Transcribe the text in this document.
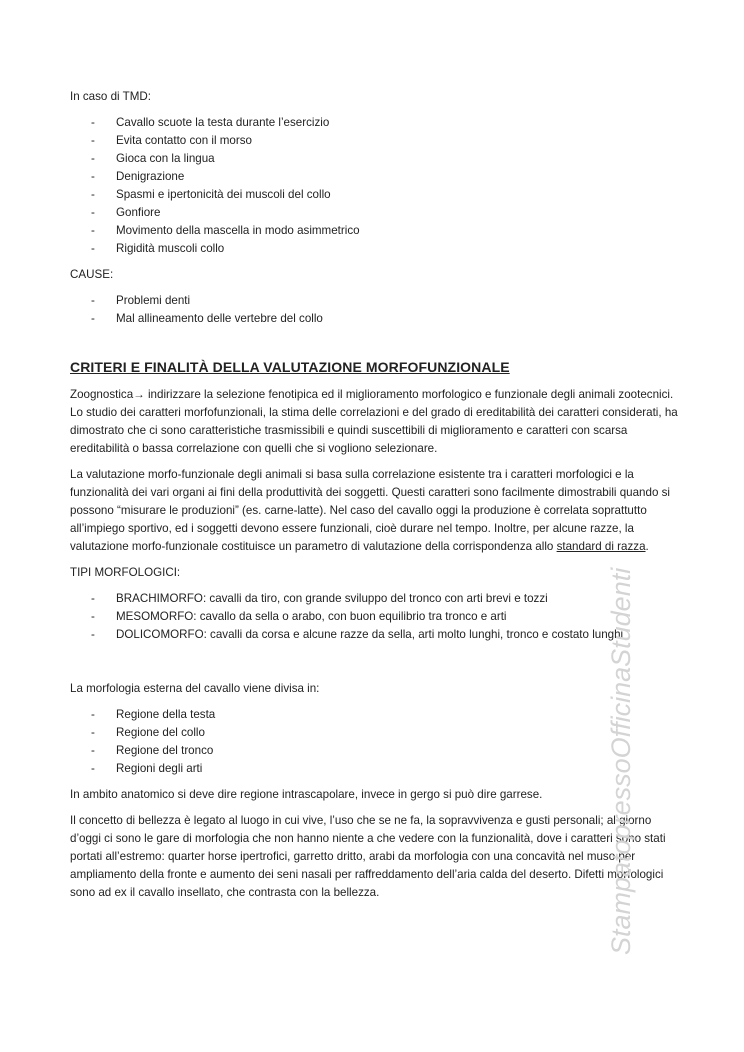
In caso di TMD:

- Cavallo scuote la testa durante l’esercizio
- Evita contatto con il morso
- Gioca con la lingua
- Denigrazione
- Spasmi e ipertonicità dei muscoli del collo
- Gonfiore
- Movimento della mascella in modo asimmetrico
- Rigidità muscoli collo

CAUSE:

- Problemi denti
- Mal allineamento delle vertebre del collo
CRITERI E FINALITÀ DELLA VALUTAZIONE MORFOFUNZIONALE

Zoognostica→ indirizzare la selezione fenotipica ed il miglioramento morfologico e funzionale degli animali zootecnici. Lo studio dei caratteri morfofunzionali, la stima delle correlazioni e del grado di ereditabilità dei caratteri considerati, ha dimostrato che ci sono caratteristiche trasmissibili e quindi suscettibili di miglioramento e caratteri con scarsa ereditabilità o bassa correlazione con quelli che si vogliono selezionare.

La valutazione morfo-funzionale degli animali si basa sulla correlazione esistente tra i caratteri morfologici e la funzionalità dei vari organi ai fini della produttività dei soggetti. Questi caratteri sono facilmente dimostrabili quando si possono “misurare le produzioni” (es. carne-latte). Nel caso del cavallo oggi la produzione è correlata soprattutto all’impiego sportivo, ed i soggetti devono essere funzionali, cioè durare nel tempo. Inoltre, per alcune razze, la valutazione morfo-funzionale costituisce un parametro di valutazione della corrispondenza allo standard di razza.

TIPI MORFOLOGICI:

- BRACHIMORFO: cavalli da tiro, con grande sviluppo del tronco con arti brevi e tozzi
- MESOMORFO: cavallo da sella o arabo, con buon equilibrio tra tronco e arti
- DOLICOMORFO: cavalli da corsa e alcune razze da sella, arti molto lunghi, tronco e costato lunghi

La morfologia esterna del cavallo viene divisa in:

- Regione della testa
- Regione del collo
- Regione del tronco
- Regioni degli arti

In ambito anatomico si deve dire regione intrascapolare, invece in gergo si può dire garrese.

Il concetto di bellezza è legato al luogo in cui vive, l’uso che se ne fa, la sopravvivenza e gusti personali; al giorno d’oggi ci sono le gare di morfologia che non hanno niente a che vedere con la funzionalità, dove i caratteri sono stati portati all’estremo: quarter horse ipertrofici, garretto dritto, arabi da morfologia con una concavità nel muso per ampliamento della fronte e aumento dei seni nasali per raffreddamento dell’aria calda del deserto. Difetti morfologici sono ad ex il cavallo insellato, che contrasta con la bellezza.	StampatopressoOfficinaStudenti
